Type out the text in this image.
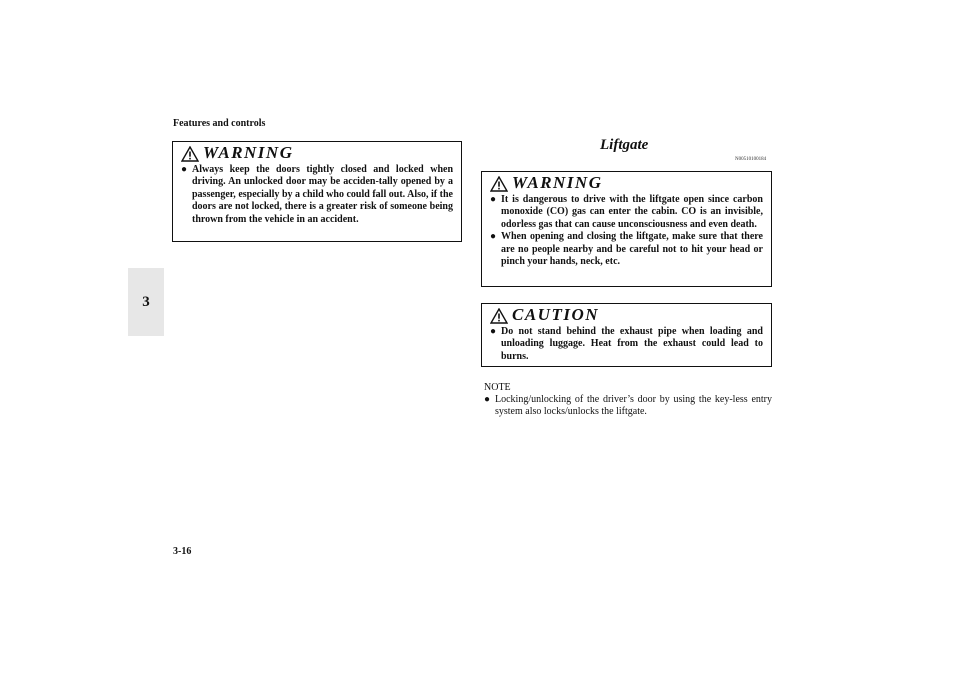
Features and controls
3
WARNING
● Always keep the doors tightly closed and locked when driving. An unlocked door may be acciden-tally opened by a passenger, especially by a child who could fall out. Also, if the doors are not locked, there is a greater risk of someone being thrown from the vehicle in an accident.
Liftgate
N00510100184
WARNING
● It is dangerous to drive with the liftgate open since carbon monoxide (CO) gas can enter the cabin. CO is an invisible, odorless gas that can cause unconsciousness and even death.
● When opening and closing the liftgate, make sure that there are no people nearby and be careful not to hit your head or pinch your hands, neck, etc.
CAUTION
● Do not stand behind the exhaust pipe when loading and unloading luggage. Heat from the exhaust could lead to burns.
NOTE
● Locking/unlocking of the driver’s door by using the key-less entry system also locks/unlocks the liftgate.
3-16
